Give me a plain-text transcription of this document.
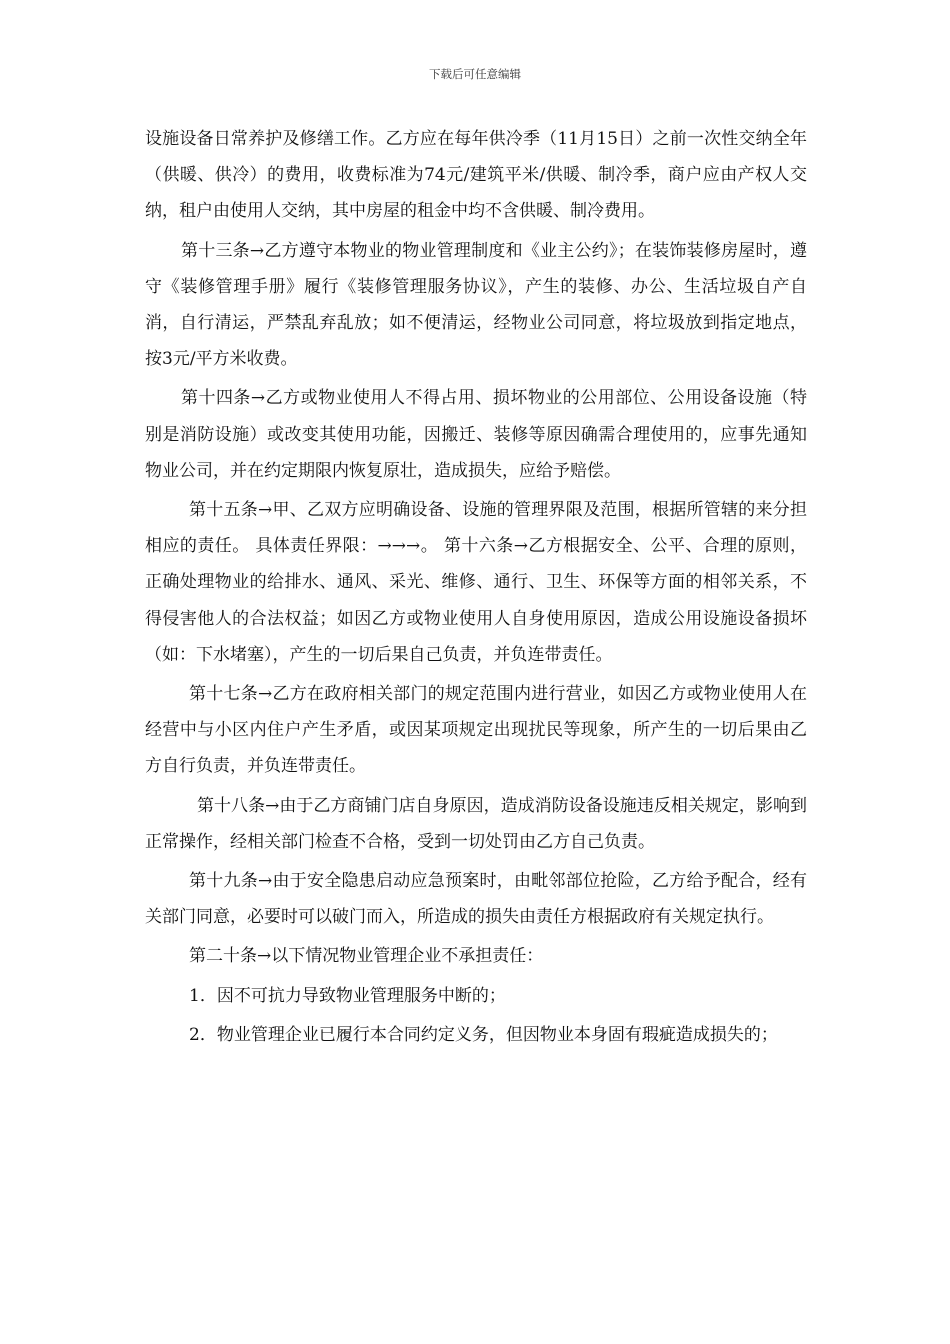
下载后可任意编辑

设施设备日常养护及修缮工作。乙方应在每年供冷季（11月15日）之前一次性交纳全年（供暖、供冷）的费用，收费标准为74元/建筑平米/供暖、制冷季，商户应由产权人交纳，租户由使用人交纳，其中房屋的租金中均不含供暖、制冷费用。

第十三条→乙方遵守本物业的物业管理制度和《业主公约》；在装饰装修房屋时，遵守《装修管理手册》履行《装修管理服务协议》，产生的装修、办公、生活垃圾自产自消，自行清运，严禁乱弃乱放；如不便清运，经物业公司同意，将垃圾放到指定地点，按3元/平方米收费。

第十四条→乙方或物业使用人不得占用、损坏物业的公用部位、公用设备设施（特别是消防设施）或改变其使用功能，因搬迁、装修等原因确需合理使用的，应事先通知物业公司，并在约定期限内恢复原壮，造成损失，应给予赔偿。

第十五条→甲、乙双方应明确设备、设施的管理界限及范围，根据所管辖的来分担相应的责任。 具体责任界限：→→→。 第十六条→乙方根据安全、公平、合理的原则，正确处理物业的给排水、通风、采光、维修、通行、卫生、环保等方面的相邻关系，不得侵害他人的合法权益；如因乙方或物业使用人自身使用原因，造成公用设施设备损坏（如：下水堵塞），产生的一切后果自己负责，并负连带责任。

第十七条→乙方在政府相关部门的规定范围内进行营业，如因乙方或物业使用人在经营中与小区内住户产生矛盾，或因某项规定出现扰民等现象，所产生的一切后果由乙方自行负责，并负连带责任。

第十八条→由于乙方商铺门店自身原因，造成消防设备设施违反相关规定，影响到正常操作，经相关部门检查不合格，受到一切处罚由乙方自己负责。

第十九条→由于安全隐患启动应急预案时，由毗邻部位抢险，乙方给予配合，经有关部门同意，必要时可以破门而入，所造成的损失由责任方根据政府有关规定执行。

第二十条→以下情况物业管理企业不承担责任：

1．因不可抗力导致物业管理服务中断的；

2．物业管理企业已履行本合同约定义务，但因物业本身固有瑕疵造成损失的；
